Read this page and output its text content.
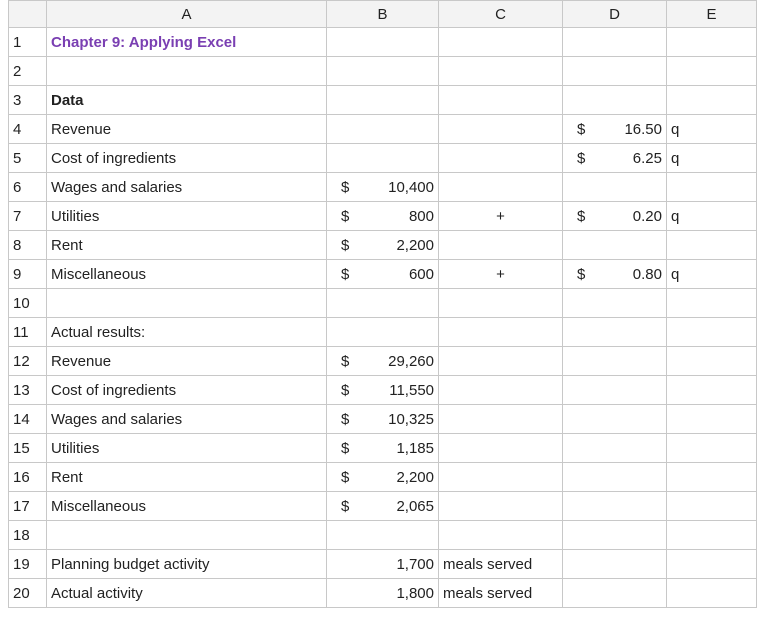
	A	B	C	D	E
1	Chapter 9: Applying Excel	

2		

3	Data	

4	Revenue			$ 16.50	q
5	Cost of ingredients			$ 6.25	q
6	Wages and salaries	$ 10,400			

7	Utilities	$ 800	+	$ 0.20	q
8	Rent	$ 2,200			

9	Miscellaneous	$ 600	+	$ 0.80	q
10		

11	Actual results:	

12	Revenue	$ 29,260			

13	Cost of ingredients	$ 11,550			

14	Wages and salaries	$ 10,325			

15	Utilities	$ 1,185			

16	Rent	$ 2,200			

17	Miscellaneous	$ 2,065			

18		

19	Planning budget activity	1,700	meals served	

20	Actual activity	1,800	meals served	
